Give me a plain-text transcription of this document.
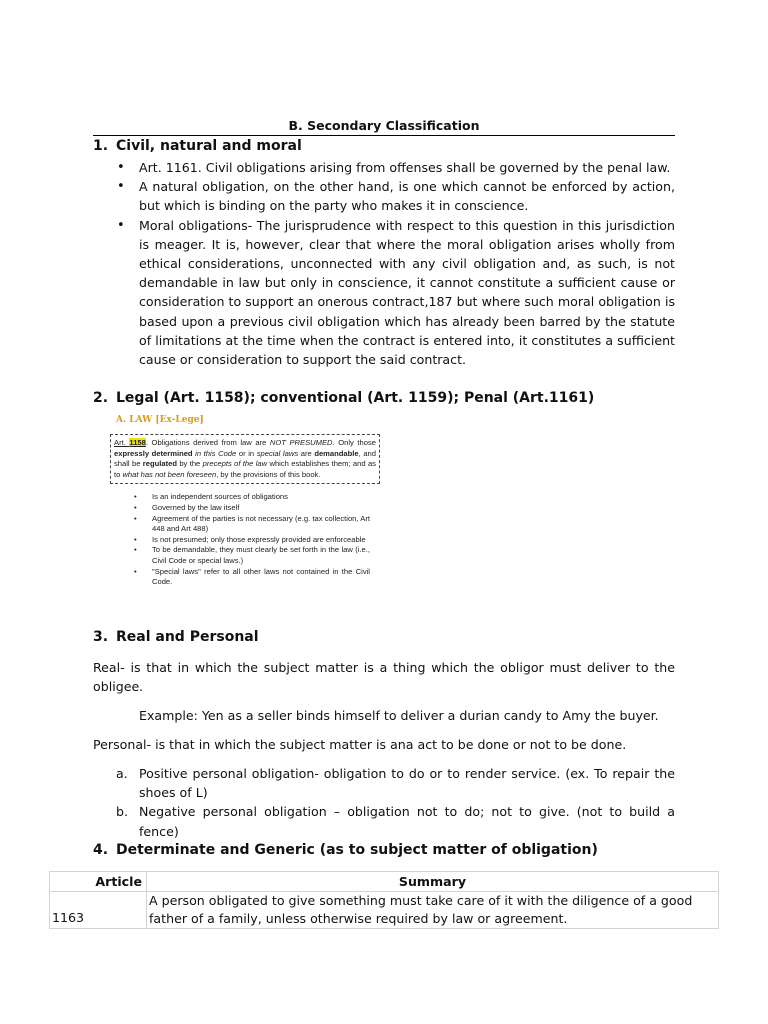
B. Secondary Classification
1. Civil, natural and moral
• Art. 1161. Civil obligations arising from offenses shall be governed by the penal law.
• A natural obligation, on the other hand, is one which cannot be enforced by action, but which is binding on the party who makes it in conscience.
• Moral obligations- The jurisprudence with respect to this question in this jurisdiction is meager. It is, however, clear that where the moral obligation arises wholly from ethical considerations, unconnected with any civil obligation and, as such, is not demandable in law but only in conscience, it cannot constitute a sufficient cause or consideration to support an onerous contract,187 but where such moral obligation is based upon a previous civil obligation which has already been barred by the statute of limitations at the time when the contract is entered into, it constitutes a sufficient cause or consideration to support the said contract.
2. Legal (Art. 1158); conventional (Art. 1159); Penal (Art.1161)
A. LAW [Ex-Lege]
Art. 1158. Obligations derived from law are NOT PRESUMED. Only those expressly determined in this Code or in special laws are demandable, and shall be regulated by the precepts of the law which establishes them; and as to what has not been foreseen, by the provisions of this book.
• Is an independent sources of obligations
• Governed by the law itself
• Agreement of the parties is not necessary (e.g. tax collection, Art 448 and Art 488)
• Is not presumed; only those expressly provided are enforceable
• To be demandable, they must clearly be set forth in the law (i.e., Civil Code or special laws.)
• "Special laws" refer to all other laws not contained in the Civil Code.
3. Real and Personal
Real- is that in which the subject matter is a thing which the obligor must deliver to the obligee.
Example: Yen as a seller binds himself to deliver a durian candy to Amy the buyer.
Personal- is that in which the subject matter is ana act to be done or not to be done.
a. Positive personal obligation- obligation to do or to render service. (ex. To repair the shoes of L)
b. Negative personal obligation – obligation not to do; not to give. (not to build a fence)
4. Determinate and Generic (as to subject matter of obligation)
Article	Summary
1163	A person obligated to give something must take care of it with the diligence of a good father of a family, unless otherwise required by law or agreement.
